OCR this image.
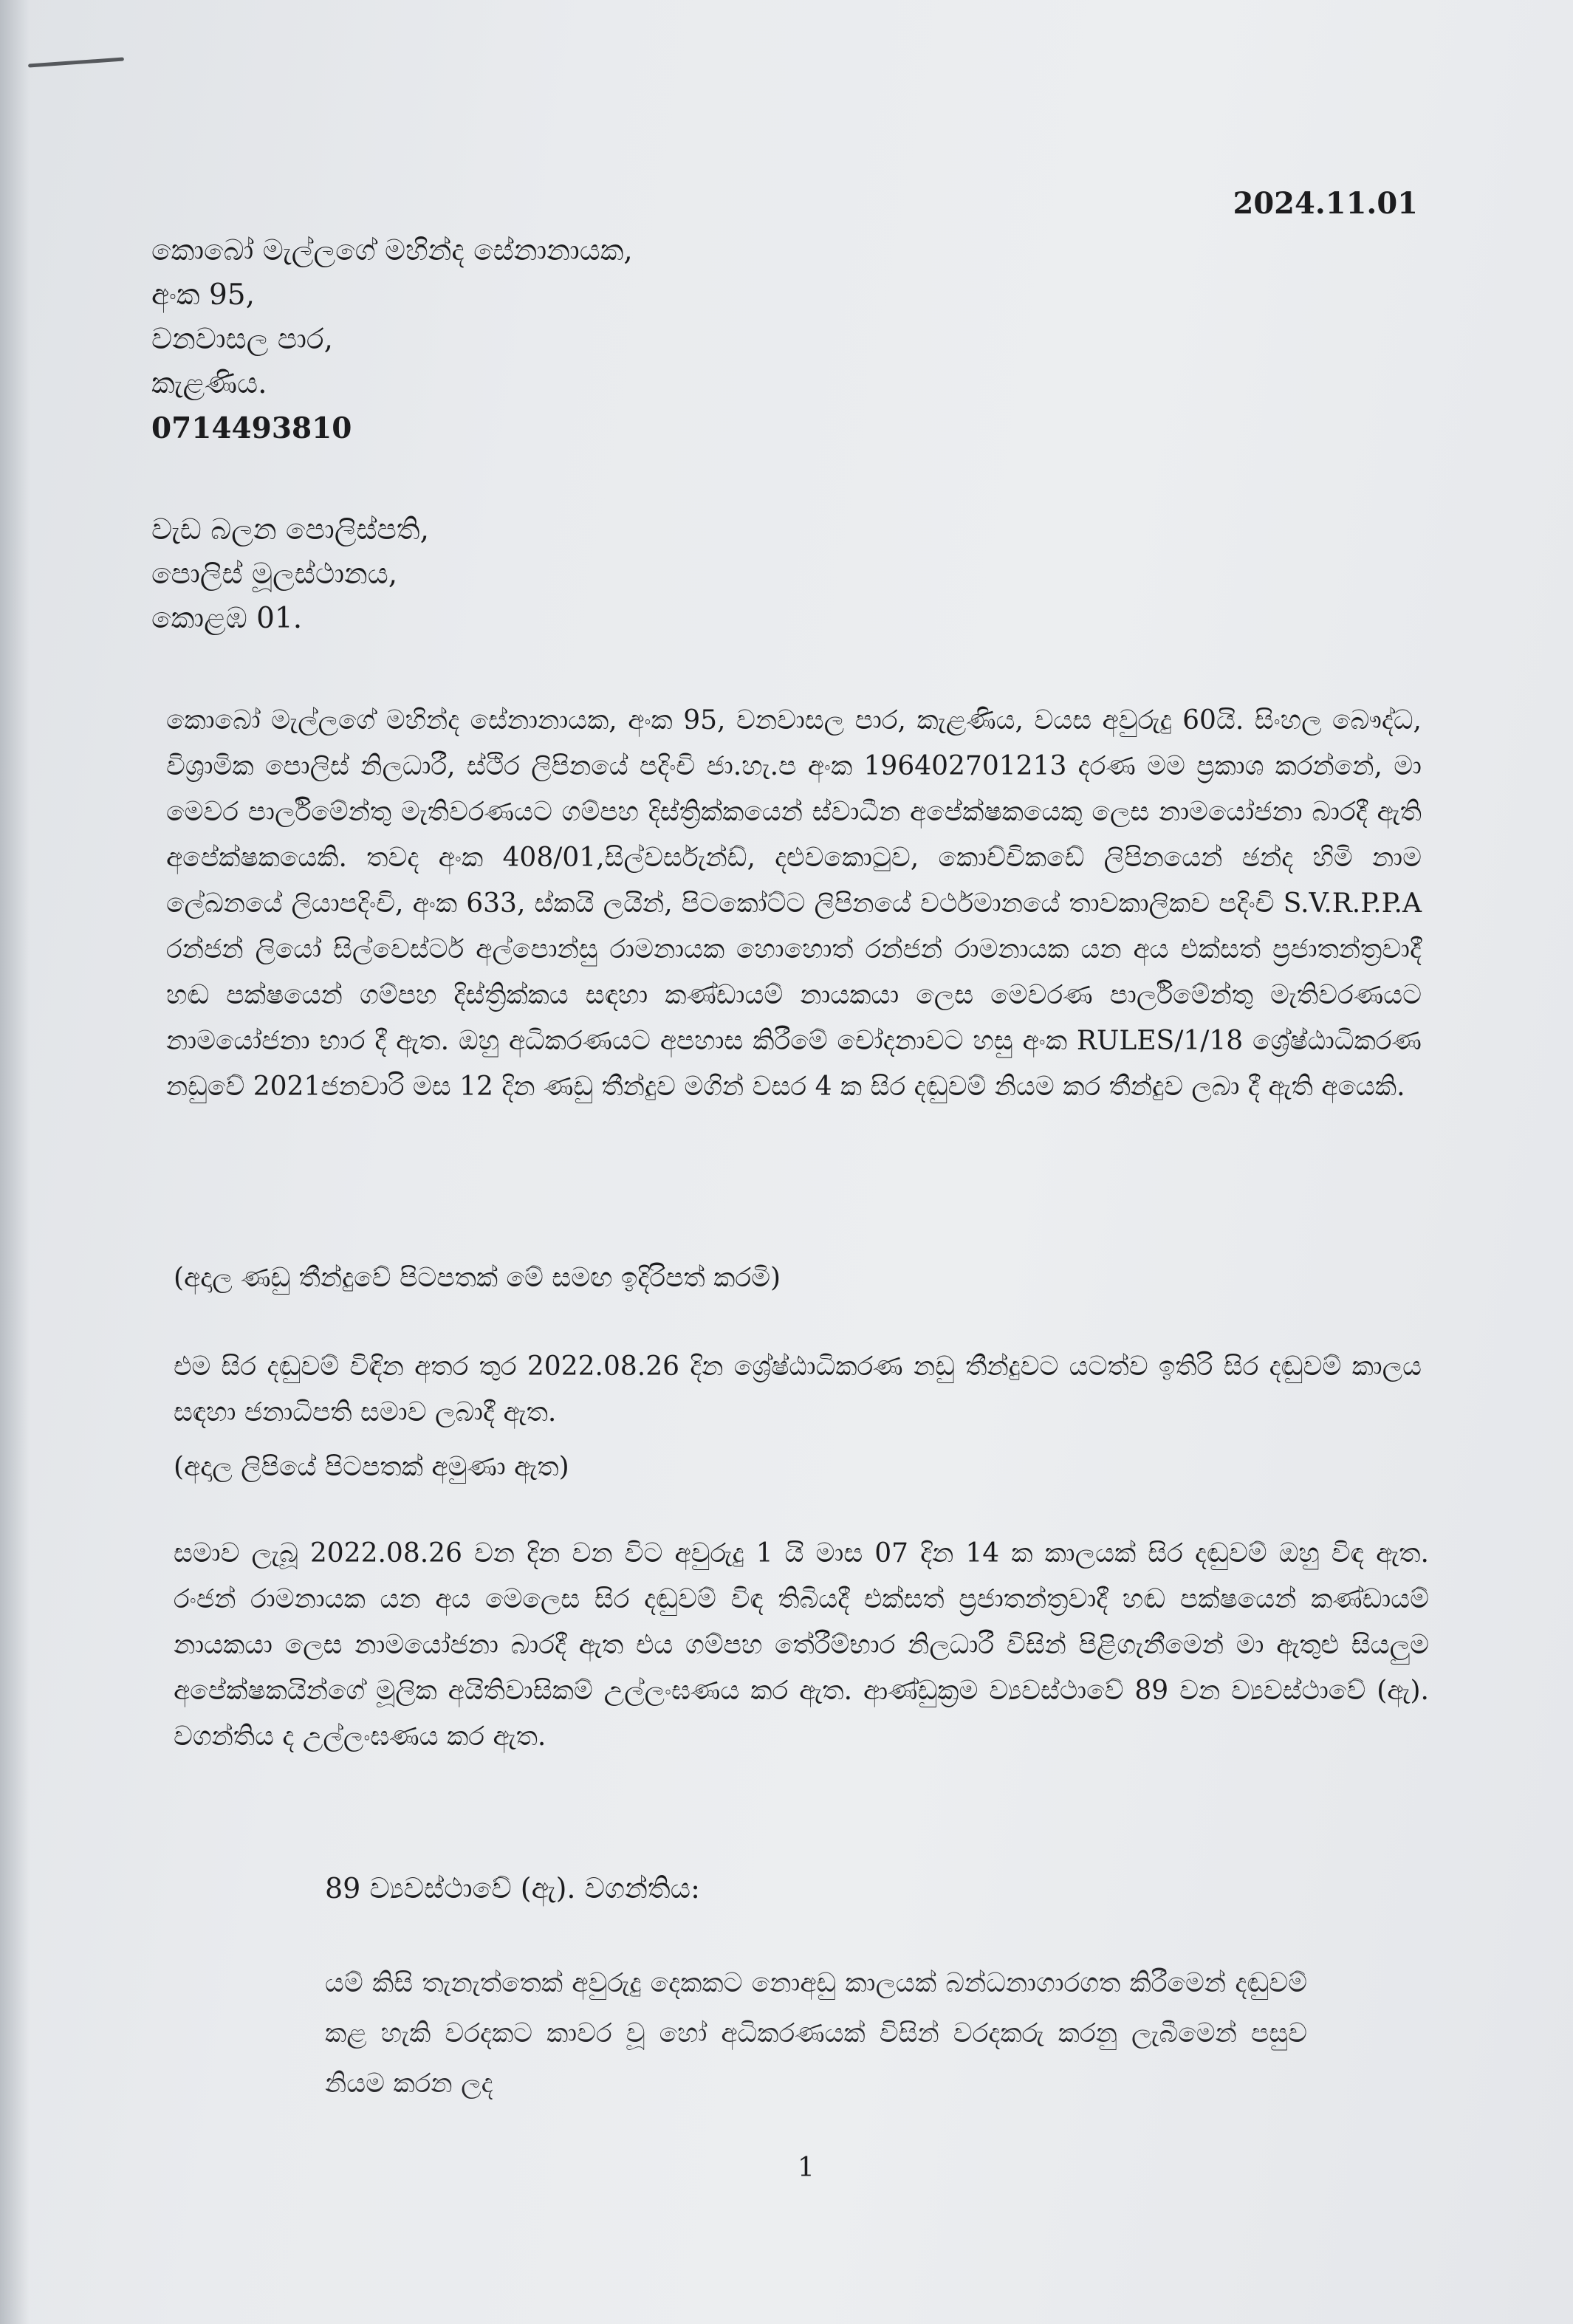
2024.11.01
කොබෝ මැල්ලගේ මහින්ද සේනානායක,
අංක 95,
වනවාසල පාර,
කැළණිය.
0714493810
වැඩ බලන පොලිස්පති,
පොලිස් මූලස්ථානය,
කොළඹ 01.

කොබෝ මැල්ලගේ මහින්ද සේනානායක, අංක 95, වනවාසල පාර, කැළණිය, වයස අවුරුදු 60යි. සිංහල බෞද්ධ, විශ්‍රාමික පොලිස් නිලධාරී, ස්ථිර ලිපිනයේ පදිංචි ජා.හැ.ප අංක 196402701213 දරණ මම ප්‍රකාශ කරන්නේ, මා මෙවර පාර්ලිමේන්තු මැතිවරණයට ගම්පහ දිස්ත්‍රික්කයෙන් ස්වාධීන අපේක්ෂකයෙකු ලෙස නාමයෝජනා බාරදී ඇති අපේක්ෂකයෙකි. තවද අංක 408/01,සිල්වර්සැන්ඩ්, දළුවකොටුව, කොච්චිකඩේ ලිපිනයෙන් ඡන්ද හිමි නාම ලේඛනයේ ලියාපදිංචි, අංක 633, ස්කයි ලයින්, පිටකෝට්ට ලිපිනයේ වර්ථමානයේ තාවකාලිකව පදිංචි S.V.R.P.P.A රන්ජන් ලියෝ සිල්වෙස්ටර් අල්පොන්සු රාමනායක හොහොත් රන්ජන් රාමනායක යන අය එක්සත් ප්‍රජාතන්ත්‍රවාදී හඬ පක්ෂයෙන් ගම්පහ දිස්ත්‍රික්කය සඳහා කණ්ඩායම් නායකයා ලෙස මෙවරණ පාර්ලිමේන්තු මැතිවරණයට නාමයෝජනා භාර දී ඇත. ඔහු අධිකරණයට අපහාස කිරීමේ චෝදනාවට හසු අංක RULES/1/18 ශ්‍රේෂ්ඨාධිකරණ නඩුවේ 2021ජනවාරි මස 12 දින ණඩු තීන්දුව මගින් වසර 4 ක සිර දඬුවම් නියම කර තීන්දුව ලබා දී ඇති අයෙකි.

(අදාල ණඩු තීන්දුවේ පිටපතක් මේ සමඟ ඉදිරිපත් කරමි)

එම සිර දඬුවම් විඳින අතර තුර 2022.08.26 දින ශ්‍රේෂ්ඨාධිකරණ නඩු තීන්දුවට යටත්ව ඉතිරි සිර දඬුවම් කාලය සඳහා ජනාධිපති සමාව ලබාදී ඇත.

(අදාල ලිපියේ පිටපතක් අමුණා ඇත)

සමාව ලැබූ 2022.08.26 වන දින වන විට අවුරුදු 1 යි මාස 07 දින 14 ක කාලයක් සිර දඬුවම් ඔහු විඳ ඇත. රංජන් රාමනායක යන අය මෙලෙස සිර දඬුවම් විඳ තිබියදී එක්සත් ප්‍රජාතන්ත්‍රවාදී හඬ පක්ෂයෙන් කණ්ඩායම් නායකයා ලෙස නාමයෝජනා බාරදී ඇත එය ගම්පහ තේරීම්භාර නිලධාරී විසින් පිළිගැනීමෙන් මා ඇතුළු සියලුම අපේක්ෂකයින්ගේ මූලික අයිතිවාසිකම් උල්ලංඝණය කර ඇත. ආණ්ඩුක්‍රම ව්‍යවස්ථාවේ 89 වන ව්‍යවස්ථාවේ (ඇ). වගන්තිය ද උල්ලංඝණය කර ඇත.

89 ව්‍යවස්ථාවේ (ඇ). වගන්තිය:
යම් කිසි තැනැත්තෙක් අවුරුදු දෙකකට නොඅඩු කාලයක් බන්ධනාගාරගත කිරීමෙන් දඬුවම් කළ හැකි වරදකට කාවර වූ හෝ අධිකරණයක් විසින් වරදකරු කරනු ලැබීමෙන් පසුව නියම කරන ලද
1
